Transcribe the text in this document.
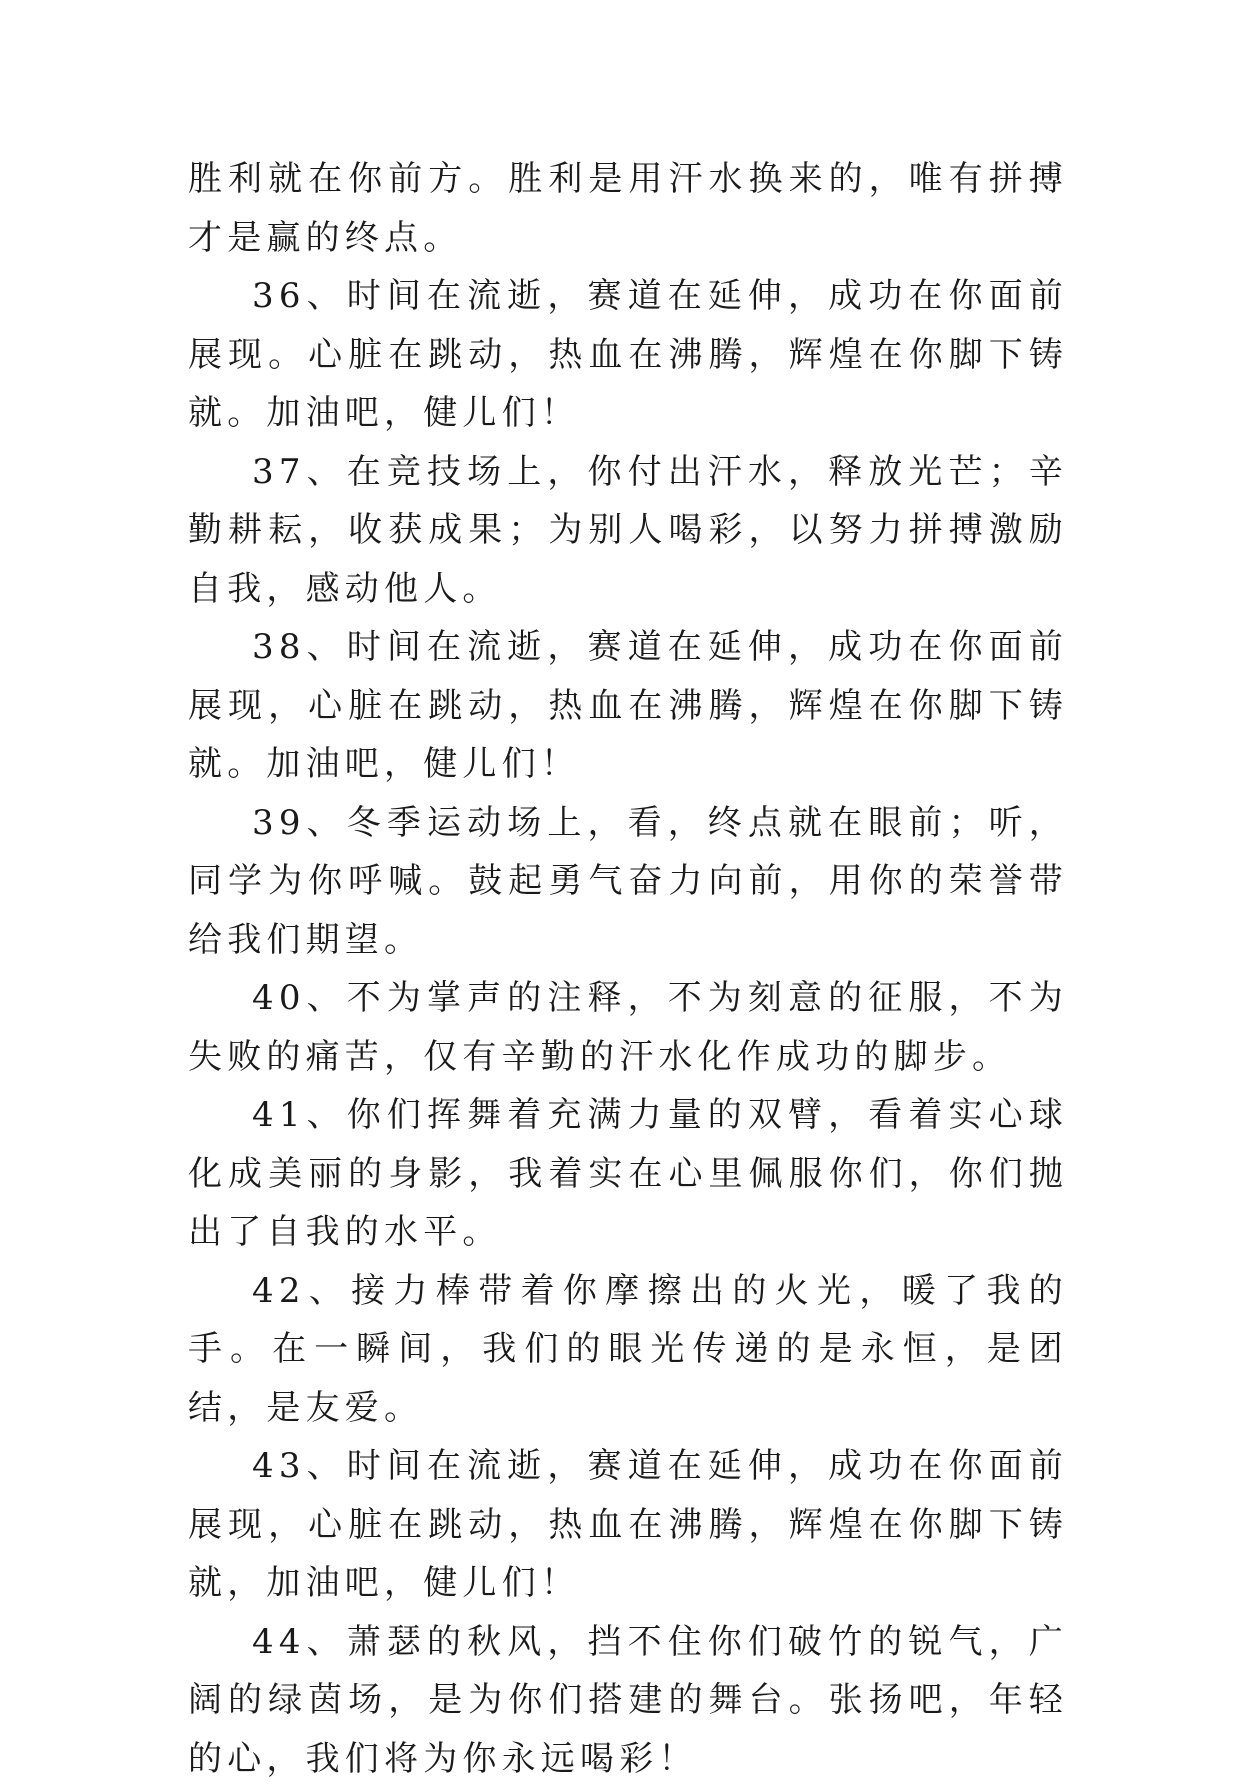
胜利就在你前方。胜利是用汗水换来的，唯有拼搏才是赢的终点。

36、时间在流逝，赛道在延伸，成功在你面前展现。心脏在跳动，热血在沸腾，辉煌在你脚下铸就。加油吧，健儿们！

37、在竞技场上，你付出汗水，释放光芒；辛勤耕耘，收获成果；为别人喝彩，以努力拼搏激励自我，感动他人。

38、时间在流逝，赛道在延伸，成功在你面前展现，心脏在跳动，热血在沸腾，辉煌在你脚下铸就。加油吧，健儿们！

39、冬季运动场上，看，终点就在眼前；听，同学为你呼喊。鼓起勇气奋力向前，用你的荣誉带给我们期望。

40、不为掌声的注释，不为刻意的征服，不为失败的痛苦，仅有辛勤的汗水化作成功的脚步。

41、你们挥舞着充满力量的双臂，看着实心球化成美丽的身影，我着实在心里佩服你们，你们抛出了自我的水平。

42、接力棒带着你摩擦出的火光，暖了我的手。在一瞬间，我们的眼光传递的是永恒，是团结，是友爱。

43、时间在流逝，赛道在延伸，成功在你面前展现，心脏在跳动，热血在沸腾，辉煌在你脚下铸就，加油吧，健儿们！

44、萧瑟的秋风，挡不住你们破竹的锐气，广阔的绿茵场，是为你们搭建的舞台。张扬吧，年轻的心，我们将为你永远喝彩！
